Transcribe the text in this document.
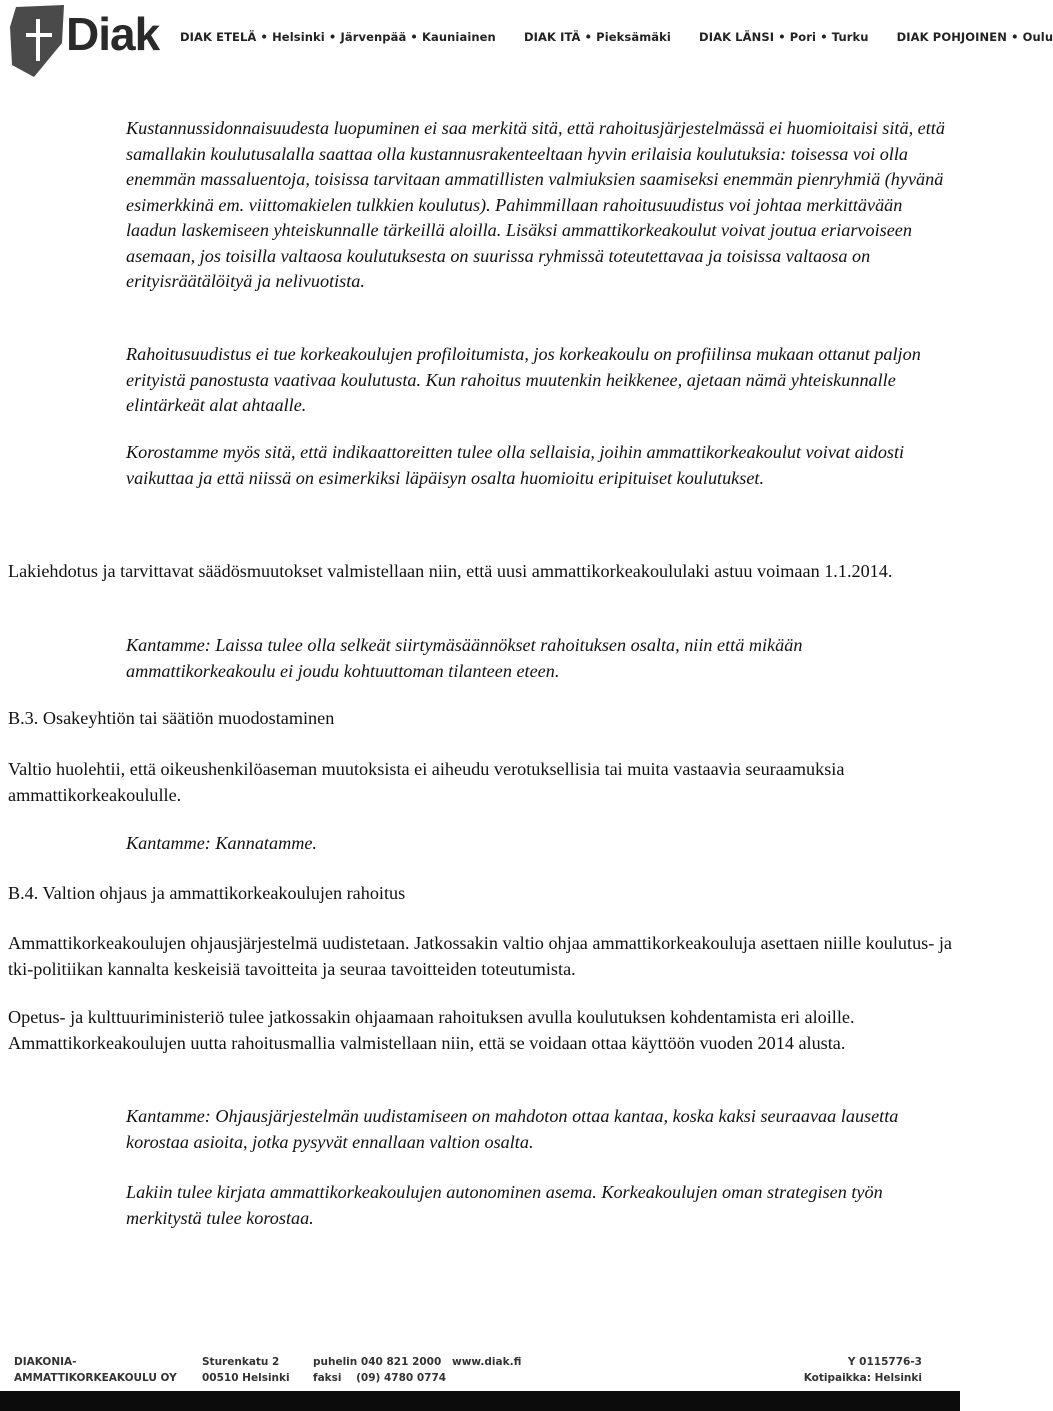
Diak DIAK ETELÄ • Helsinki • Järvenpää • Kauniainen DIAK ITÄ • Pieksämäki DIAK LÄNSI • Pori • Turku DIAK POHJOINEN • Oulu

Kustannussidonnaisuudesta luopuminen ei saa merkitä sitä, että rahoitusjärjestelmässä ei huomioitaisi sitä, että samallakin koulutusalalla saattaa olla kustannusrakenteeltaan hyvin erilaisia koulutuksia: toisessa voi olla enemmän massaluentoja, toisissa tarvitaan ammatillisten valmiuksien saamiseksi enemmän pienryhmiä (hyvänä esimerkkinä em. viittomakielen tulkkien koulutus). Pahimmillaan rahoitusuudistus voi johtaa merkittävään laadun laskemiseen yhteiskunnalle tärkeillä aloilla. Lisäksi ammattikorkeakoulut voivat joutua eriarvoiseen asemaan, jos toisilla valtaosa koulutuksesta on suurissa ryhmissä toteutettavaa ja toisissa valtaosa on erityisräätälöityä ja nelivuotista.

Rahoitusuudistus ei tue korkeakoulujen profiloitumista, jos korkeakoulu on profiilinsa mukaan ottanut paljon erityistä panostusta vaativaa koulutusta. Kun rahoitus muutenkin heikkenee, ajetaan nämä yhteiskunnalle elintärkeät alat ahtaalle.

Korostamme myös sitä, että indikaattoreitten tulee olla sellaisia, joihin ammattikorkeakoulut voivat aidosti vaikuttaa ja että niissä on esimerkiksi läpäisyn osalta huomioitu eripituiset koulutukset.

Lakiehdotus ja tarvittavat säädösmuutokset valmistellaan niin, että uusi ammattikorkeakoululaki astuu voimaan 1.1.2014.

Kantamme: Laissa tulee olla selkeät siirtymäsäännökset rahoituksen osalta, niin että mikään ammattikorkeakoulu ei joudu kohtuuttoman tilanteen eteen.

B.3. Osakeyhtiön tai säätiön muodostaminen

Valtio huolehtii, että oikeushenkilöaseman muutoksista ei aiheudu verotuksellisia tai muita vastaavia seuraamuksia ammattikorkeakoululle.

Kantamme: Kannatamme.

B.4. Valtion ohjaus ja ammattikorkeakoulujen rahoitus

Ammattikorkeakoulujen ohjausjärjestelmä uudistetaan. Jatkossakin valtio ohjaa ammattikorkeakouluja asettaen niille koulutus- ja tki-politiikan kannalta keskeisiä tavoitteita ja seuraa tavoitteiden toteutumista.

Opetus- ja kulttuuriministeriö tulee jatkossakin ohjaamaan rahoituksen avulla koulutuksen kohdentamista eri aloille. Ammattikorkeakoulujen uutta rahoitusmallia valmistellaan niin, että se voidaan ottaa käyttöön vuoden 2014 alusta.

Kantamme: Ohjausjärjestelmän uudistamiseen on mahdoton ottaa kantaa, koska kaksi seuraavaa lausetta korostaa asioita, jotka pysyvät ennallaan valtion osalta.

Lakiin tulee kirjata ammattikorkeakoulujen autonominen asema. Korkeakoulujen oman strategisen työn merkitystä tulee korostaa.

DIAKONIA-
AMMATTIKORKEAKOULU OY
Sturenkatu 2
00510 Helsinki
puhelin 040 821 2000
faksi    (09) 4780 0774
www.diak.fi	Y 0115776-3
Kotipaikka: Helsinki
